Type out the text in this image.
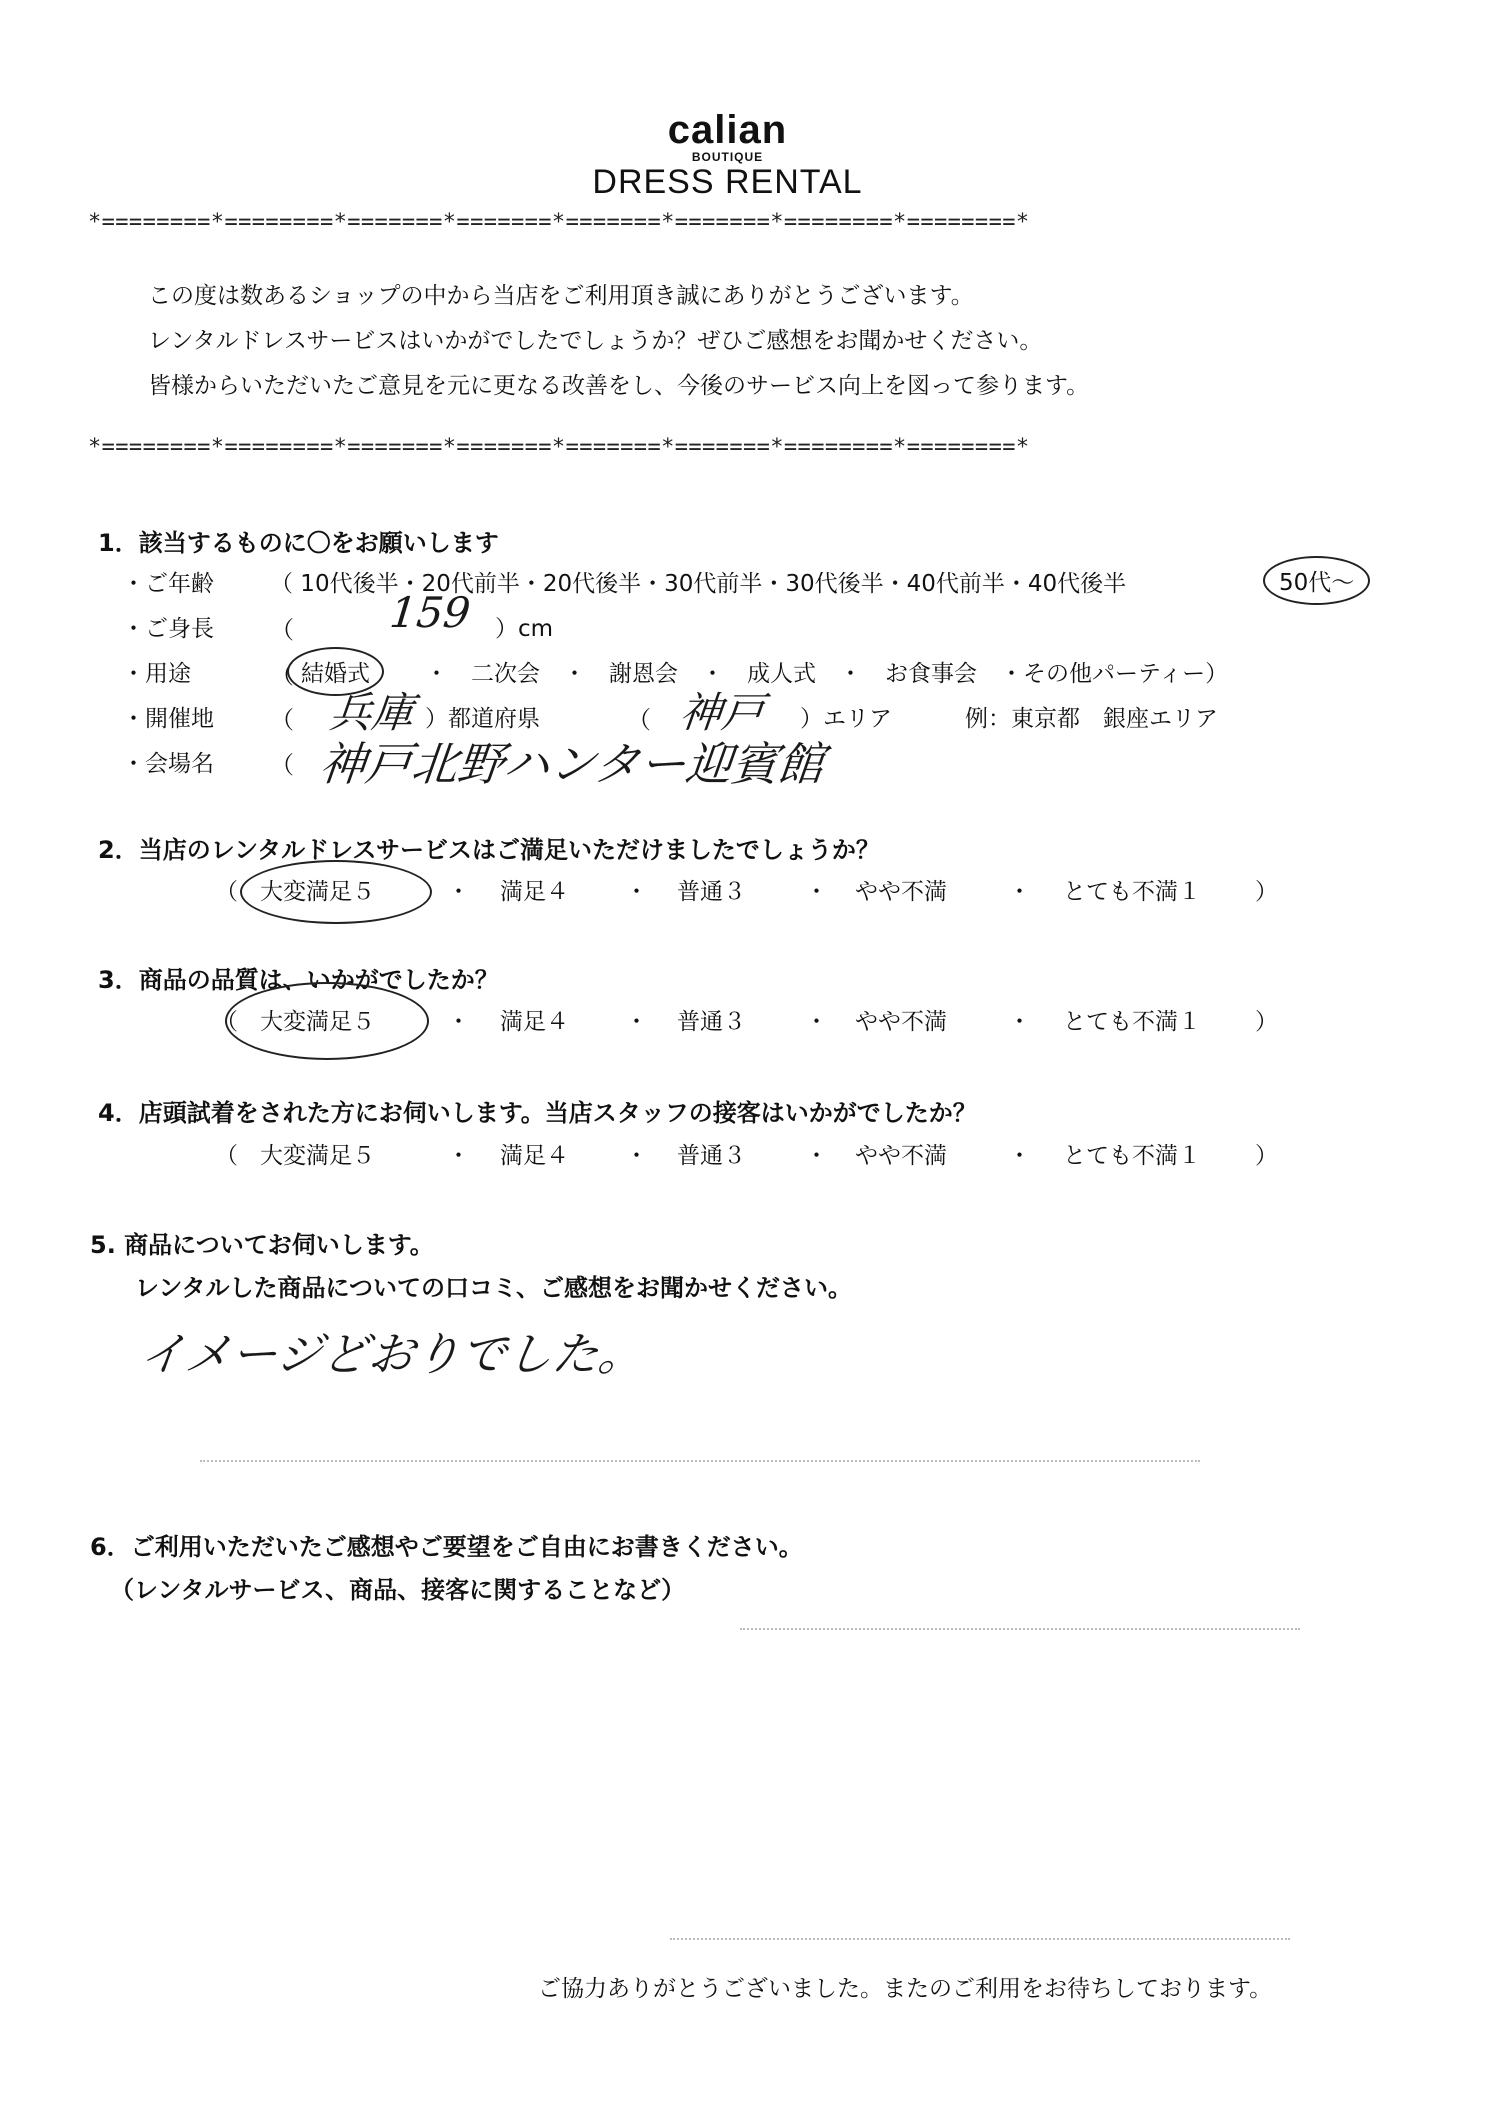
calian
BOUTIQUE
DRESS RENTAL
*========*========*=======*=======*=======*=======*========*========*
この度は数あるショップの中から当店をご利用頂き誠にありがとうございます。
レンタルドレスサービスはいかがでしたでしょうか？ぜひご感想をお聞かせください。
皆様からいただいたご意見を元に更なる改善をし、今後のサービス向上を図って参ります。
*========*========*=======*=======*=======*=======*========*========*
1．該当するものに〇をお願いします
・ご年齢 （ 10代後半・20代前半・20代後半・30代前半・30代後半・40代前半・40代後半	50代～
・ご身長 （ 159 ）cm
・用途	（ 結婚式	・　二次会　・　謝恩会　・　成人式　・　お食事会　・その他パーティー）
・開催地 （ 兵庫 ）都道府県	（ 神戸 ）エリア	例：東京都　銀座エリア
・会場名 （ 神戸北野ハンター迎賓館
2．当店のレンタルドレスサービスはご満足いただけましたでしょうか？
（ 大変満足５	・ 満足４ ・ 普通３	・ やや不満	・ とても不満１ ）
3．商品の品質は、いかがでしたか？
（ 大変満足５	・ 満足４ ・ 普通３	・ やや不満	・ とても不満１ ）
4．店頭試着をされた方にお伺いします。当店スタッフの接客はいかがでしたか？
（ 大変満足５	・ 満足４ ・ 普通３	・ やや不満	・ とても不満１ ）
5. 商品についてお伺いします。
レンタルした商品についての口コミ、ご感想をお聞かせください。
イメージどおりでした。
6．ご利用いただいたご感想やご要望をご自由にお書きください。
（レンタルサービス、商品、接客に関することなど）
ご協力ありがとうございました。またのご利用をお待ちしております。
